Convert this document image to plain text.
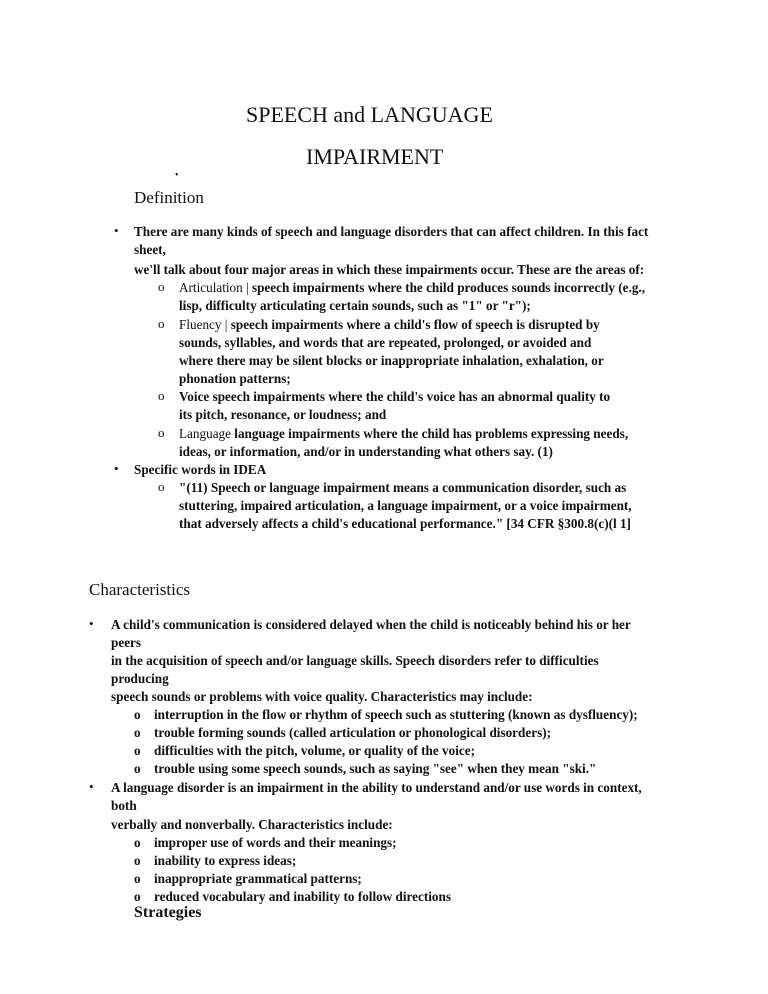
SPEECH and LANGUAGE
IMPAIRMENT
•
Definition
• There are many kinds of speech and language disorders that can affect children. In this fact
sheet,
we'll talk about four major areas in which these impairments occur. These are the areas of:
o Articulation | speech impairments where the child produces sounds incorrectly (e.g.,
lisp, difficulty articulating certain sounds, such as "1" or "r");
o Fluency | speech impairments where a child's flow of speech is disrupted by
sounds, syllables, and words that are repeated, prolonged, or avoided and
where there may be silent blocks or inappropriate inhalation, exhalation, or
phonation patterns;
o Voice speech impairments where the child's voice has an abnormal quality to
its pitch, resonance, or loudness; and
o Language language impairments where the child has problems expressing needs,
ideas, or information, and/or in understanding what others say. (1)
• Specific words in IDEA
o "(11) Speech or language impairment means a communication disorder, such as
stuttering, impaired articulation, a language impairment, or a voice impairment,
that adversely affects a child's educational performance." [34 CFR §300.8(c)(l 1]
Characteristics
• A child's communication is considered delayed when the child is noticeably behind his or her
peers
in the acquisition of speech and/or language skills. Speech disorders refer to difficulties
producing
speech sounds or problems with voice quality. Characteristics may include:
o interruption in the flow or rhythm of speech such as stuttering (known as dysfluency);
o trouble forming sounds (called articulation or phonological disorders);
o difficulties with the pitch, volume, or quality of the voice;
o trouble using some speech sounds, such as saying "see" when they mean "ski."
• A language disorder is an impairment in the ability to understand and/or use words in context,
both
verbally and nonverbally. Characteristics include:
o improper use of words and their meanings;
o inability to express ideas;
o inappropriate grammatical patterns;
o reduced vocabulary and inability to follow directions
Strategies
